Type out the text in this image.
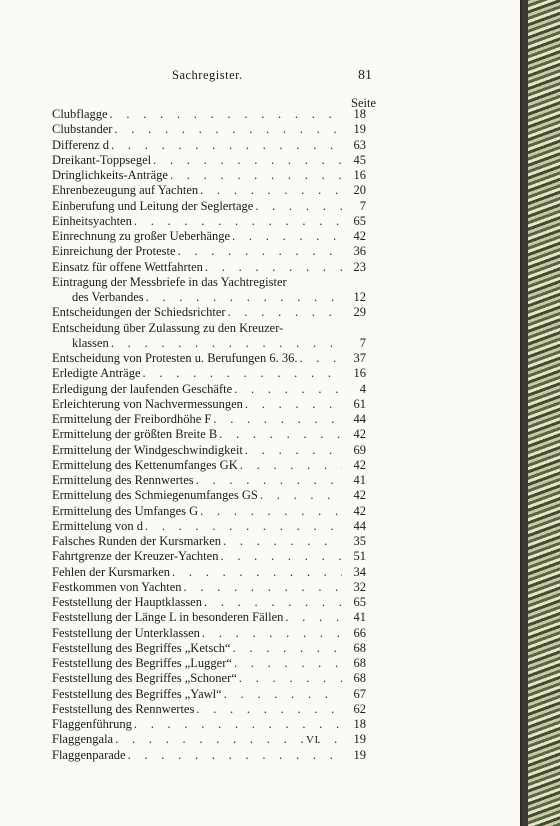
Sachregister.	81
Seite
Clubflagge . . .	18
Clubstander . . .	19
Differenz d . . .	63
Dreikant-Toppsegel . . .	45
Dringlichkeits-Anträge . . .	16
Ehrenbezeugung auf Yachten . . .	20
Einberufung und Leitung der Seglertage . . .	7
Einheitsyachten . . .	65
Einrechnung zu großer Ueberhänge . . .	42
Einreichung der Proteste . . .	36
Einsatz für offene Wettfahrten . . .	23
Eintragung der Messbriefe in das Yachtregister
des Verbandes . . .	12
Entscheidungen der Schiedsrichter . . .	29
Entscheidung über Zulassung zu den Kreuzer-
klassen . . .	7
Entscheidung von Protesten u. Berufungen 6. 36. . . .	37
Erledigte Anträge . . .	16
Erledigung der laufenden Geschäfte . . .	4
Erleichterung von Nachvermessungen . . .	61
Ermittelung der Freibordhöhe F . . .	44
Ermittelung der größten Breite B . . .	42
Ermittelung der Windgeschwindigkeit . . .	69
Ermittelung des Kettenumfanges GK . . .	42
Ermittelung des Rennwertes . . .	41
Ermittelung des Schmiegenumfanges GS . . .	42
Ermittelung des Umfanges G . . .	42
Ermittelung von d . . .	44
Falsches Runden der Kursmarken . . .	35
Fahrtgrenze der Kreuzer-Yachten . . .	51
Fehlen der Kursmarken . . .	34
Festkommen von Yachten . . .	32
Feststellung der Hauptklassen . . .	65
Feststellung der Länge L in besonderen Fällen . . .	41
Feststellung der Unterklassen . . .	66
Feststellung des Begriffes „Ketsch“ . . .	68
Feststellung des Begriffes „Lugger“ . . .	68
Feststellung des Begriffes „Schoner“ . . .	68
Feststellung des Begriffes „Yawl“ . . .	67
Feststellung des Rennwertes . . .	62
Flaggenführung . . .	18
Flaggengala . . .	19
Flaggenparade . . .	19
VI
